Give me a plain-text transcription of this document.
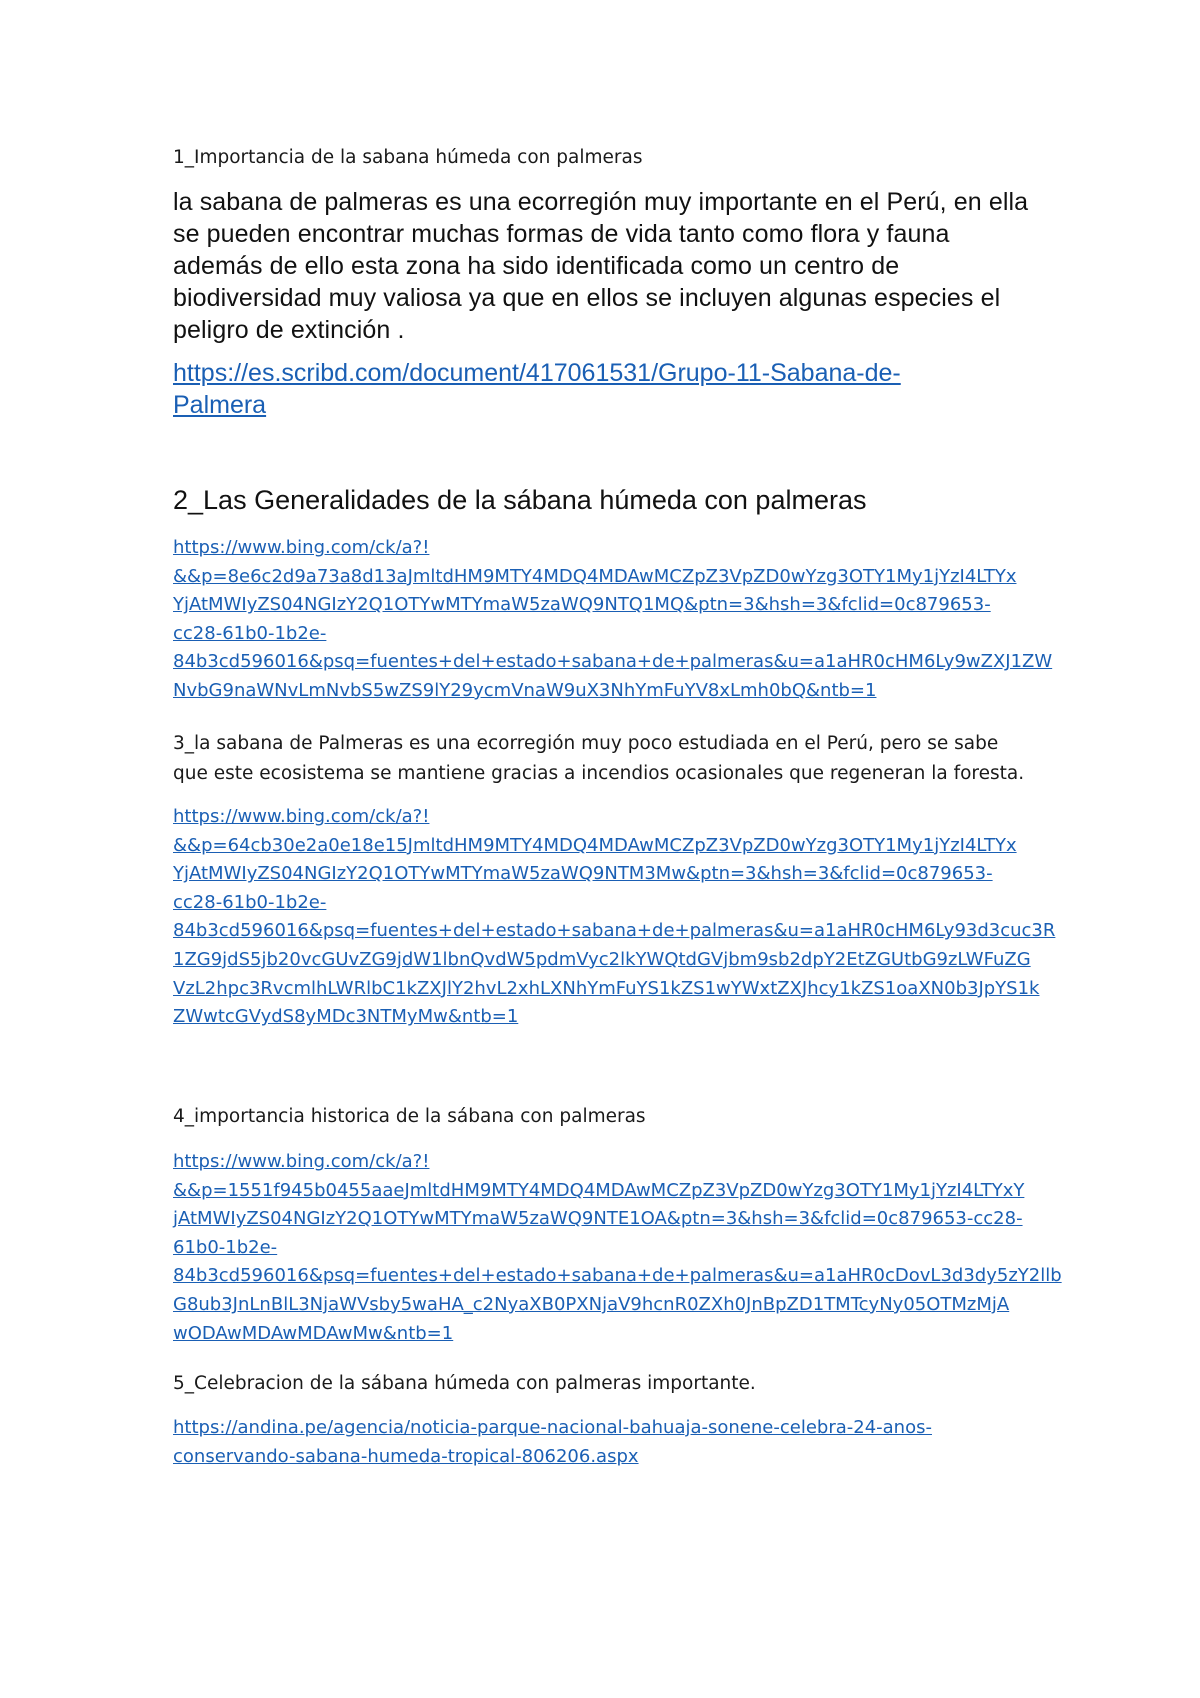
1_Importancia de la sabana húmeda con palmeras

la sabana de palmeras es una ecorregión muy importante en el Perú, en ella se pueden encontrar muchas formas de vida tanto como flora y fauna además de ello esta zona ha sido identificada como un centro de biodiversidad muy valiosa ya que en ellos se incluyen algunas especies el peligro de extinción .

https://es.scribd.com/document/417061531/Grupo-11-Sabana-de-
Palmera

2_Las Generalidades de la sábana húmeda con palmeras

https://www.bing.com/ck/a?!
&&p=8e6c2d9a73a8d13aJmltdHM9MTY4MDQ4MDAwMCZpZ3VpZD0wYzg3OTY1My1jYzI4LTYx
YjAtMWIyZS04NGIzY2Q1OTYwMTYmaW5zaWQ9NTQ1MQ&ptn=3&hsh=3&fclid=0c879653-
cc28-61b0-1b2e-
84b3cd596016&psq=fuentes+del+estado+sabana+de+palmeras&u=a1aHR0cHM6Ly9wZXJ1ZW
NvbG9naWNvLmNvbS5wZS9lY29ycmVnaW9uX3NhYmFuYV8xLmh0bQ&ntb=1

3_la sabana de Palmeras es una ecorregión muy poco estudiada en el Perú, pero se sabe que este ecosistema se mantiene gracias a incendios ocasionales que regeneran la foresta.

https://www.bing.com/ck/a?!
&&p=64cb30e2a0e18e15JmltdHM9MTY4MDQ4MDAwMCZpZ3VpZD0wYzg3OTY1My1jYzI4LTYx
YjAtMWIyZS04NGIzY2Q1OTYwMTYmaW5zaWQ9NTM3Mw&ptn=3&hsh=3&fclid=0c879653-
cc28-61b0-1b2e-
84b3cd596016&psq=fuentes+del+estado+sabana+de+palmeras&u=a1aHR0cHM6Ly93d3cuc3R
1ZG9jdS5jb20vcGUvZG9jdW1lbnQvdW5pdmVyc2lkYWQtdGVjbm9sb2dpY2EtZGUtbG9zLWFuZG
VzL2hpc3RvcmlhLWRlbC1kZXJlY2hvL2xhLXNhYmFuYS1kZS1wYWxtZXJhcy1kZS1oaXN0b3JpYS1k
ZWwtcGVydS8yMDc3NTMyMw&ntb=1

4_importancia historica de la sábana con palmeras

https://www.bing.com/ck/a?!
&&p=1551f945b0455aaeJmltdHM9MTY4MDQ4MDAwMCZpZ3VpZD0wYzg3OTY1My1jYzI4LTYxY
jAtMWIyZS04NGIzY2Q1OTYwMTYmaW5zaWQ9NTE1OA&ptn=3&hsh=3&fclid=0c879653-cc28-
61b0-1b2e-
84b3cd596016&psq=fuentes+del+estado+sabana+de+palmeras&u=a1aHR0cDovL3d3dy5zY2llb
G8ub3JnLnBlL3NjaWVsby5waHA_c2NyaXB0PXNjaV9hcnR0ZXh0JnBpZD1TMTcyNy05OTMzMjA
wODAwMDAwMDAwMw&ntb=1

5_Celebracion de la sábana húmeda con palmeras importante.

https://andina.pe/agencia/noticia-parque-nacional-bahuaja-sonene-celebra-24-anos-
conservando-sabana-humeda-tropical-806206.aspx
